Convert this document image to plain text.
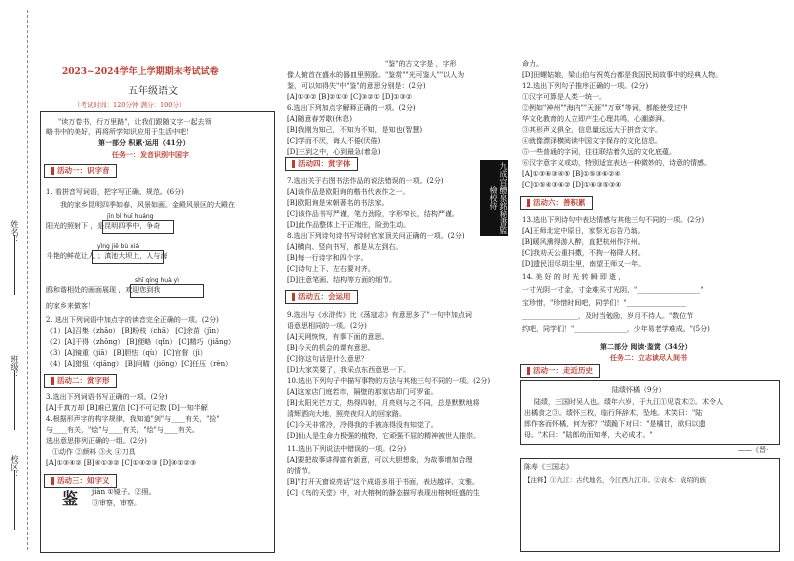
姓名：
班级：
校区：
2023~2024学年上学期期末考试试卷
五年级语文
（考试时间：120分钟 满分：100分）
"读万卷书，行万里路"，让我们跟随文字一起去领
略书中的美好，再将所学知识应用于生活中吧！
第一部分 积累·运用（41分）
任务一：发音识别中国字
活动一：识字音
1. 看拼音写词语，把字写正确、规范。(6分)
我的家乡昆明四季如春、风景如画。金殿风景区的大殿在
jīn bì huī huáng
阳光的照射下 ，是昆明四季中，争奇
yǐng jiē bù xiá
斗艳的鲜花让人 ；滇池大坝上，人与海
shī qíng huà yì
鸥和谐相处的画面展现 ，欢迎您到我
的家乡来做客！
2. 选出下列词语中加点字的读音完全正确的一项。(2分)
（1）[A]召集（zhāo） [B]粉枝（chā） [C]余苗（jīn）
（2）[A]干得（zhōng） [B]便略（qǐn） [C]精巧（jiǎng）
（3）[A]镜重（jiā） [B]胆怯（qù） [C]官督（jì）
（4）[A]猎狙（qiāng） [B]问瞄（jiōng）[C]任压（rèn）
活动二：赏字形
3.选出下列词语书写正确的一项。(2分)
[A]千真万却 [B]难已置信 [C]不可记数 [D]一知半解
4.根据形声字的构字规律，我知道"剑"与____有关，"捡"
与____有关，"烩"与____有关，"绘"与____有关。
选出意思排列正确的一组。(2分)
①动作 ②颜料 ③火 ④刀具
[A]①③④② [B]④①③② [C]①④②③ [D]④①②③
活动三：知字义
鉴 jiàn ①镜子。②照。
③审察，审察。
"鉴"的古文字是 ，字形
像人俯首在盛水的器皿里照脸。"鉴赏""光可鉴人""以人为
鉴，可以知得失"中"鉴"的意思分别是：(2分)
[A]①③② [B]②①③ [C]③②① [D]①③②
6.选出下列加点字解释正确的一项。(2分)
[A]随意春芳歇(休息)
[B]我刚为知己，不知为不知，是知也(智慧)
[C]学而不厌，诲人不倦(厌倦)
[D]三到之中，心到最急(着急)
活动四：赏字体
7.选出关于右图书法作品的说法错误的一项。(2分)
[A]该作品是欧阳询的楷书代表作之一。
[B]欧阳询是宋朝著名的书法家。
[C]该作品书写严谨，笔力劲险，字形窄长，结构严谨。
[D]此作品整体上干正端庄，险劲生动。
8.选出下列诗句诗书写诗时官家顶关问正确的一项。(2分)
[A]横向、竖向书写，都是从左到右。
[B]每一行诗字和四个字。
[C]诗句上下、左右要对齐。
[D]注意笔画、结构等方面的细节。
九成宫醴泉銘秘書監檢校侍
活动五：会运用
9.选出与《水浒传》比《荡寇志》有意思多了"一句中加点词
语意思相同的一项。(2分)
[A]天网恢恢，有事下面的意思。
[B]今天的机会的课有意思。
[C]你这句话是什么意思？
[D]大家笑要了，我采点东西意思一下。
10.选出下列句子中描写事物的方法与其他三句不同的一项。(2分)
[A]这家店门庭若市，隔壁的那家店却门可罗雀。
[B]太阳光芒万丈，热得四射，月亮则与之不同，总是默默地将
清辉洒向大地，照亮夜归人的回家路。
[C]今天非常冷，冷得我的手被冻得没有知觉了。
[D]仙人是生命力极强的植物，它顽强不屈的精神被世人推崇。
11.选出下列说法中错误的一项。(2分)
[A]要把故事讲得富有新意，可以大胆想象，为故事增加合理
的情节。
[B]"打开天窗说亮话"这个成语多用于书面，表达越详、文雅。
[C]《鸟的天堂》中，对大榕树的静态描写表现出榕树旺盛的生
命力。
[D]田螺姑娘，梁山伯与祝英台都是我国民间故事中的经典人物。
12.选出下列句子推序正确的一项。(2分)
①汉字可算是人类一统一。
②例如"神州""海内""天涯""万章"等词，都能使受过中
华文化教育的人立即产生心理共鸣，心潮澎湃。
③其形声义俱全，信息量远远大于拼音文字。
④就像漂泽横阅读中国文字保存的文化信息。
⑤一些普通的字词，往往联结着久远的文化底蕴。
⑥汉字意字义或动，特别适宜表达一种微妙的，诗意的情感。
[A]①③⑥③④⑤ [B]①⑤③⑥②④
[C]①⑤④③⑥② [D]①⑥③⑤③④
活动六：善积累
13.选出下列诗句中表达情感与其他三句不同的一项。(2分)
[A]王师北定中原日，家祭无忘告乃翁。
[B]暖风熏得游人醉，直把杭州作汴州。
[C]我劝天公重抖擞，不拘一格降人材。
[D]遗民泪尽胡尘里，南望王师又一年。
14. 美 好 的 时 光 转 瞬 即 逝 ，
一寸光阴一寸金，寸金难买寸光阴，"__________________"
宝珍惜，"珍惜时间吧，同学们！"_________________
________________，及时当勉励，岁月不待人。"数位节
约吧，同学们！"_______________，少年易老学难成。"(5分)
第二部分 阅读·鉴赏（34分）
任务二：立志读尽人间书
活动一：走近历史
陆绩怀橘（9分）
陆绩，三国时吴人也。绩年六岁，于九江①见袁术②。术令人
出橘食之③。绩怀三枚，临行拜辞术，坠地。术笑曰："陆
郎作客而怀橘，何为邪？"绩跪下对曰："是橘甘，欲归以遗
母。"术曰："陆郎幼而知孝，大必成才。"
——《晋·
陈寿《三国志》
【注释】①九江：古代地名，今江西九江市。②袁术：袁绍的族
